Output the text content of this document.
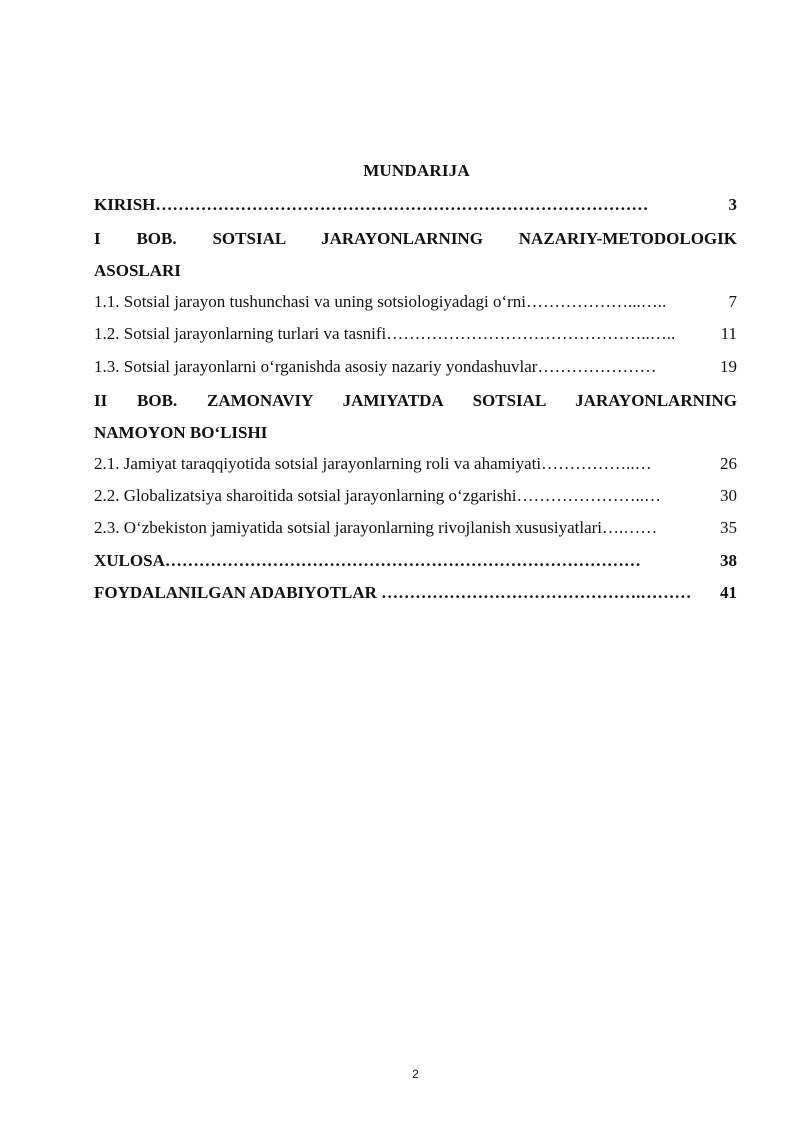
MUNDARIJA
KIRISH……………………………………………………………………………	3
I BOB. SOTSIAL JARAYONLARNING NAZARIY-METODOLOGIK
ASOSLARI
1.1. Sotsial jarayon tushunchasi va uning sotsiologiyadagi o‘rni………………...…..	7
1.2. Sotsial jarayonlarning turlari va tasnifi………………………………………..…..	11
1.3. Sotsial jarayonlarni o‘rganishda asosiy nazariy yondashuvlar…………………	19
II BOB. ZAMONAVIY JAMIYATDA SOTSIAL JARAYONLARNING
NAMOYON BO‘LISHI
2.1. Jamiyat taraqqiyotida sotsial jarayonlarning roli va ahamiyati……………..…	26
2.2. Globalizatsiya sharoitida sotsial jarayonlarning o‘zgarishi…………………..…	30
2.3. O‘zbekiston jamiyatida sotsial jarayonlarning rivojlanish xususiyatlari….……	35
XULOSA…………………………………………………………………………	38
FOYDALANILGAN ADABIYOTLAR ……………………………………….……… 41
2
